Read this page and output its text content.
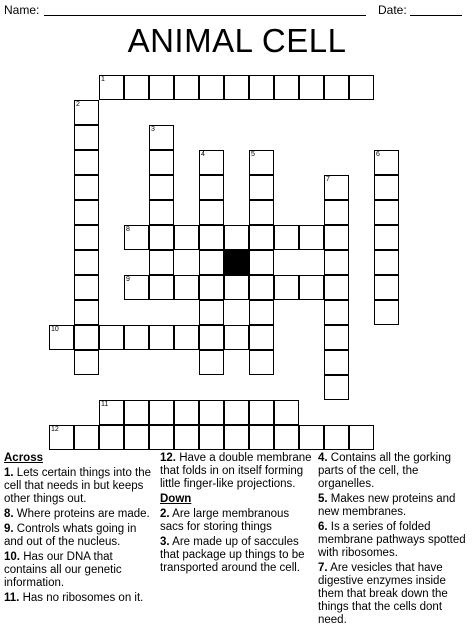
Name:	Date:
ANIMAL CELL
1
2
3
4	5	6
7
8
9
10
11
12
Across
1. Lets certain things into the cell that needs in but keeps other things out.
8. Where proteins are made.
9. Controls whats going in and out of the nucleus.
10. Has our DNA that contains all our genetic information.
11. Has no ribosomes on it.
12. Have a double membrane that folds in on itself forming little finger-like projections.
Down
2. Are large membranous sacs for storing things
3. Are made up of saccules that package up things to be transported around the cell.
4. Contains all the gorking parts of the cell, the organelles.
5. Makes new proteins and new membranes.
6. Is a series of folded membrane pathways spotted with ribosomes.
7. Are vesicles that have digestive enzymes inside them that break down the things that the cells dont need.
